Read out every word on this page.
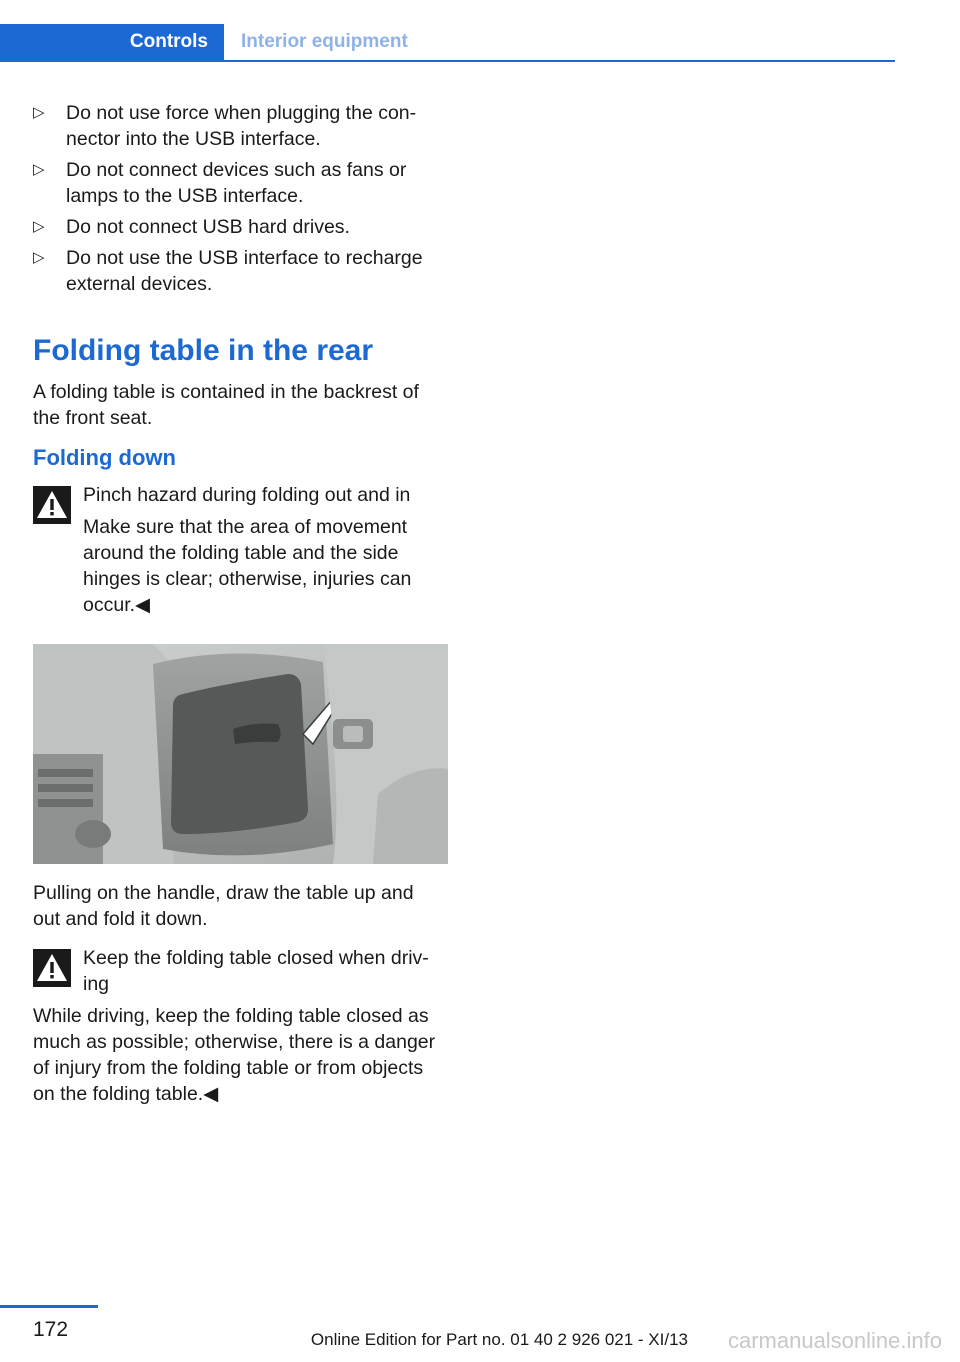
Controls	Interior equipment
▷ Do not use force when plugging the con‐ nector into the USB interface.
▷ Do not connect devices such as fans or lamps to the USB interface.
▷ Do not connect USB hard drives.
▷ Do not use the USB interface to recharge external devices.
Folding table in the rear

A folding table is contained in the backrest of the front seat.

Folding down
Pinch hazard during folding out and in
Make sure that the area of movement around the folding table and the side hinges is clear; otherwise, injuries can occur.◀

Pulling on the handle, draw the table up and out and fold it down.

Keep the folding table closed when driv‐ ing
While driving, keep the folding table closed as much as possible; otherwise, there is a danger of injury from the folding table or from objects on the folding table.◀
172	Online Edition for Part no. 01 40 2 926 021 - XI/13 carmanualsonline.info
